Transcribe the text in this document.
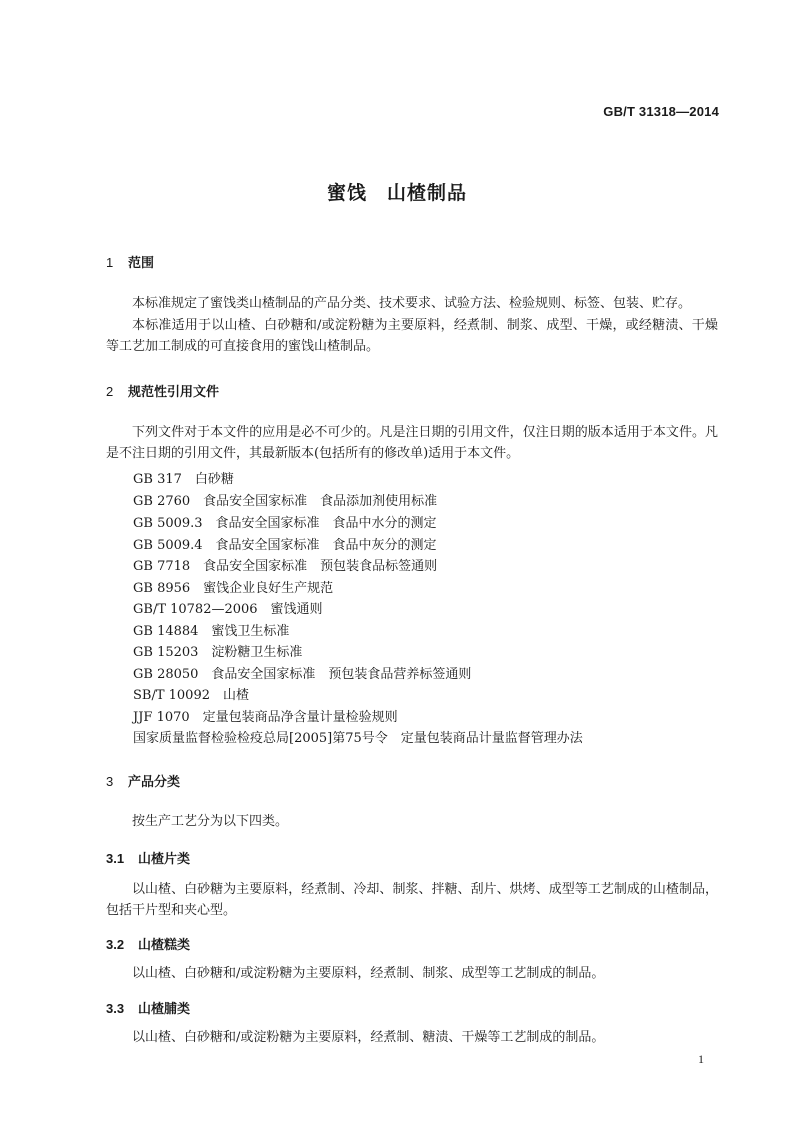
GB/T 31318—2014
蜜饯　山楂制品
1 范围
本标准规定了蜜饯类山楂制品的产品分类、技术要求、试验方法、检验规则、标签、包装、贮存。
本标准适用于以山楂、白砂糖和/或淀粉糖为主要原料，经煮制、制浆、成型、干燥，或经糖渍、干燥等工艺加工制成的可直接食用的蜜饯山楂制品。
2 规范性引用文件
下列文件对于本文件的应用是必不可少的。凡是注日期的引用文件，仅注日期的版本适用于本文件。凡是不注日期的引用文件，其最新版本(包括所有的修改单)适用于本文件。
GB 317　白砂糖
GB 2760　食品安全国家标准　食品添加剂使用标准
GB 5009.3　食品安全国家标准　食品中水分的测定
GB 5009.4　食品安全国家标准　食品中灰分的测定
GB 7718　食品安全国家标准　预包装食品标签通则
GB 8956　蜜饯企业良好生产规范
GB/T 10782—2006　蜜饯通则
GB 14884　蜜饯卫生标准
GB 15203　淀粉糖卫生标准
GB 28050　食品安全国家标准　预包装食品营养标签通则
SB/T 10092　山楂
JJF 1070　定量包装商品净含量计量检验规则
国家质量监督检验检疫总局[2005]第75号令　定量包装商品计量监督管理办法
3 产品分类
按生产工艺分为以下四类。
3.1 山楂片类
以山楂、白砂糖为主要原料，经煮制、冷却、制浆、拌糖、刮片、烘烤、成型等工艺制成的山楂制品，包括干片型和夹心型。
3.2 山楂糕类
以山楂、白砂糖和/或淀粉糖为主要原料，经煮制、制浆、成型等工艺制成的制品。
3.3 山楂脯类
以山楂、白砂糖和/或淀粉糖为主要原料，经煮制、糖渍、干燥等工艺制成的制品。
1
